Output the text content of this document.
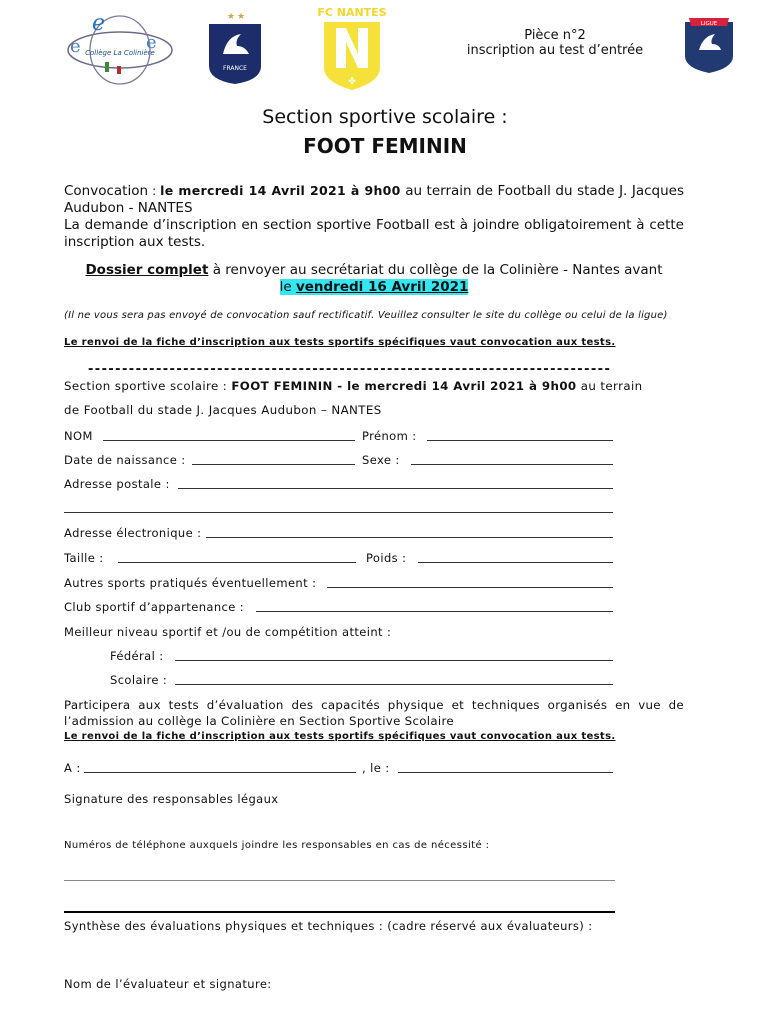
e
e	e
Collège La Colinière
★ ★
FRANCE
FC NANTES
✤
LIGUE
Pièce n°2
inscription au test d’entrée
Section sportive scolaire :
FOOT FEMININ
Convocation : le mercredi 14 Avril 2021 à 9h00 au terrain de Football du stade J. Jacques Audubon - NANTES
La demande d’inscription en section sportive Football est à joindre obligatoirement à cette inscription aux tests.
Dossier complet à renvoyer au secrétariat du collège de la Colinière - Nantes avant
le vendredi 16 Avril 2021
(Il ne vous sera pas envoyé de convocation sauf rectificatif. Veuillez consulter le site du collège ou celui de la ligue)
Le renvoi de la fiche d’inscription aux tests sportifs spécifiques vaut convocation aux tests.
-----------------------------------------------------------------------------
Section sportive scolaire : FOOT FEMININ - le mercredi 14 Avril 2021 à 9h00 au terrain
de Football du stade J. Jacques Audubon – NANTES
NOM	Prénom :
Date de naissance :	Sexe :
Adresse postale :
Adresse électronique :
Taille :	Poids :
Autres sports pratiqués éventuellement :
Club sportif d’appartenance :
Meilleur niveau sportif et /ou de compétition atteint :
Fédéral :
Scolaire :
Participera aux tests d’évaluation des capacités physique et techniques organisés en vue de l’admission au collège la Colinière en Section Sportive Scolaire
Le renvoi de la fiche d’inscription aux tests sportifs spécifiques vaut convocation aux tests.
A :	, le :
Signature des responsables légaux
Numéros de téléphone auxquels joindre les responsables en cas de nécessité :
Synthèse des évaluations physiques et techniques : (cadre réservé aux évaluateurs) :
Nom de l’évaluateur et signature:
